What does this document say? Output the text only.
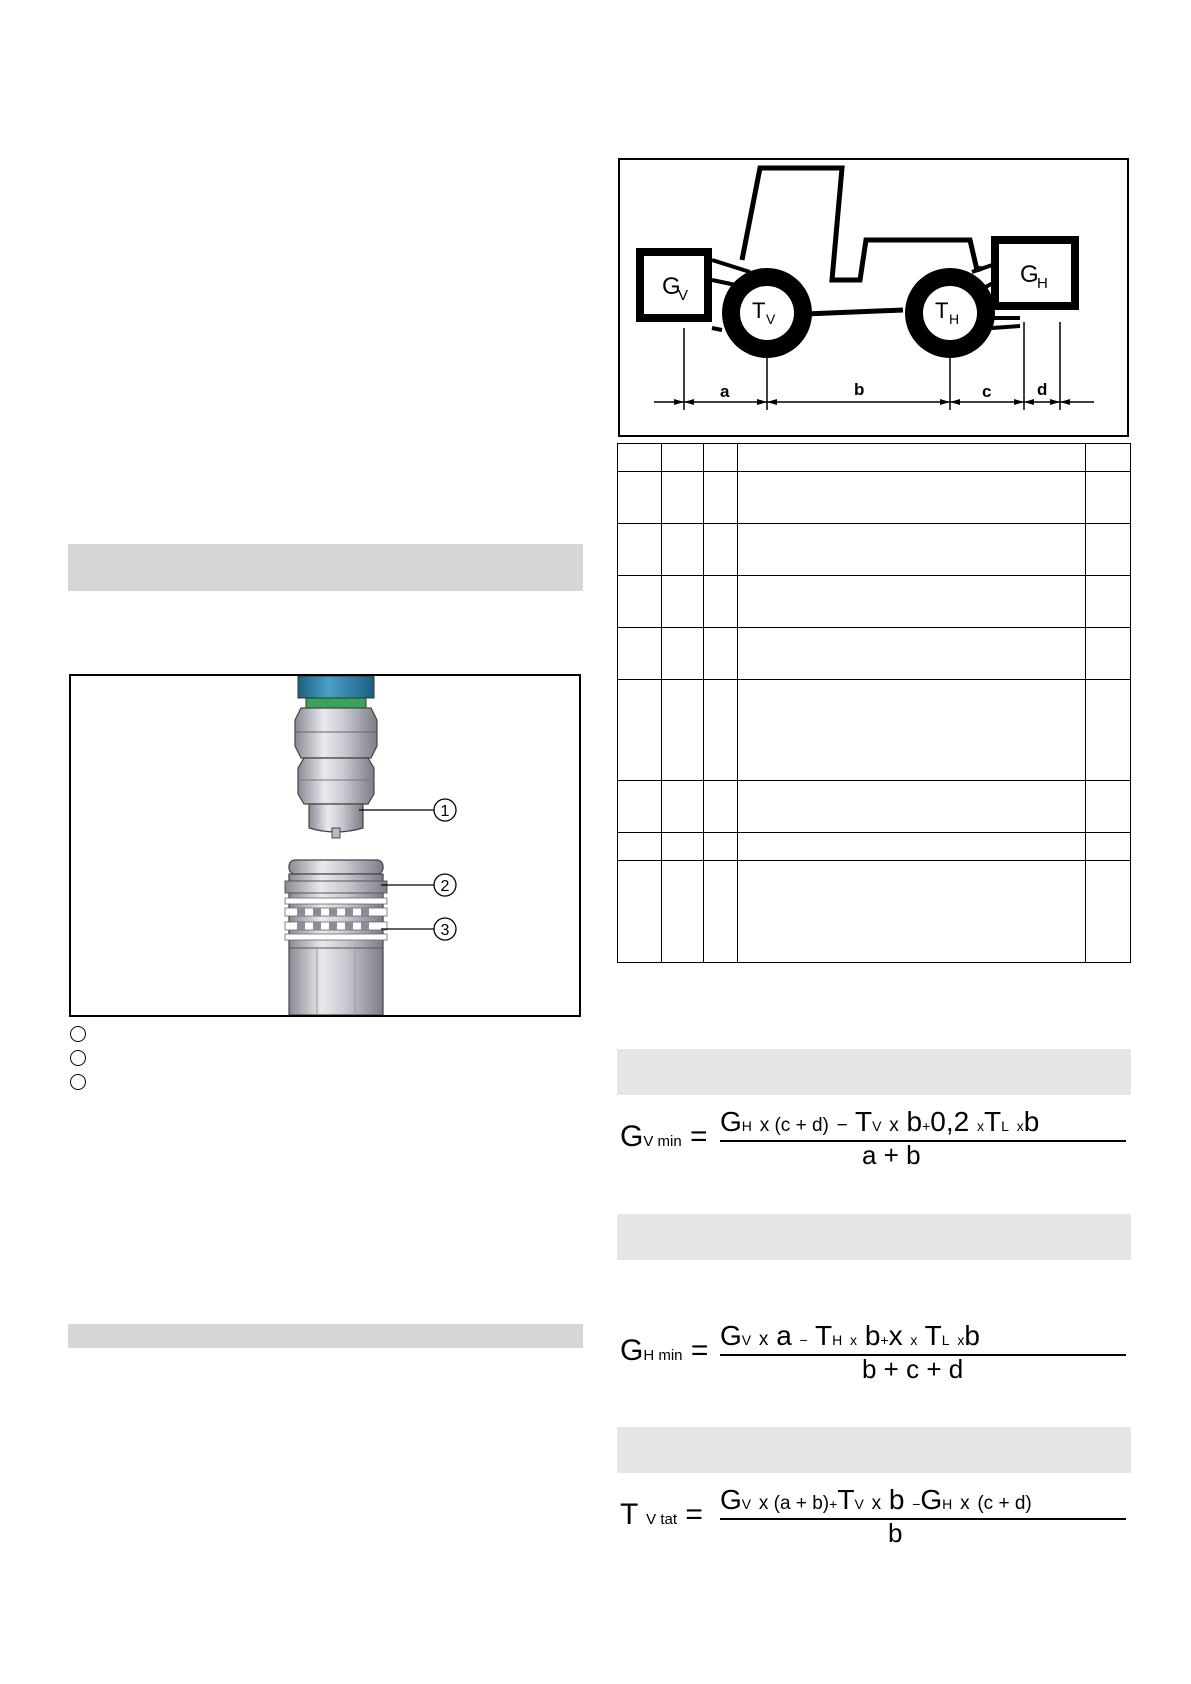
1
2
3
G
V
G
H
T V	T H
a	b	c	d

GV min = GH x (c + d) − TV x b+0,2 xTL xb
a + b
GH min = GV x a − TH x b+x x TL xb
b + c + d
T V tat = GV x (a + b)+TV x b −GH x (c + d)
b
